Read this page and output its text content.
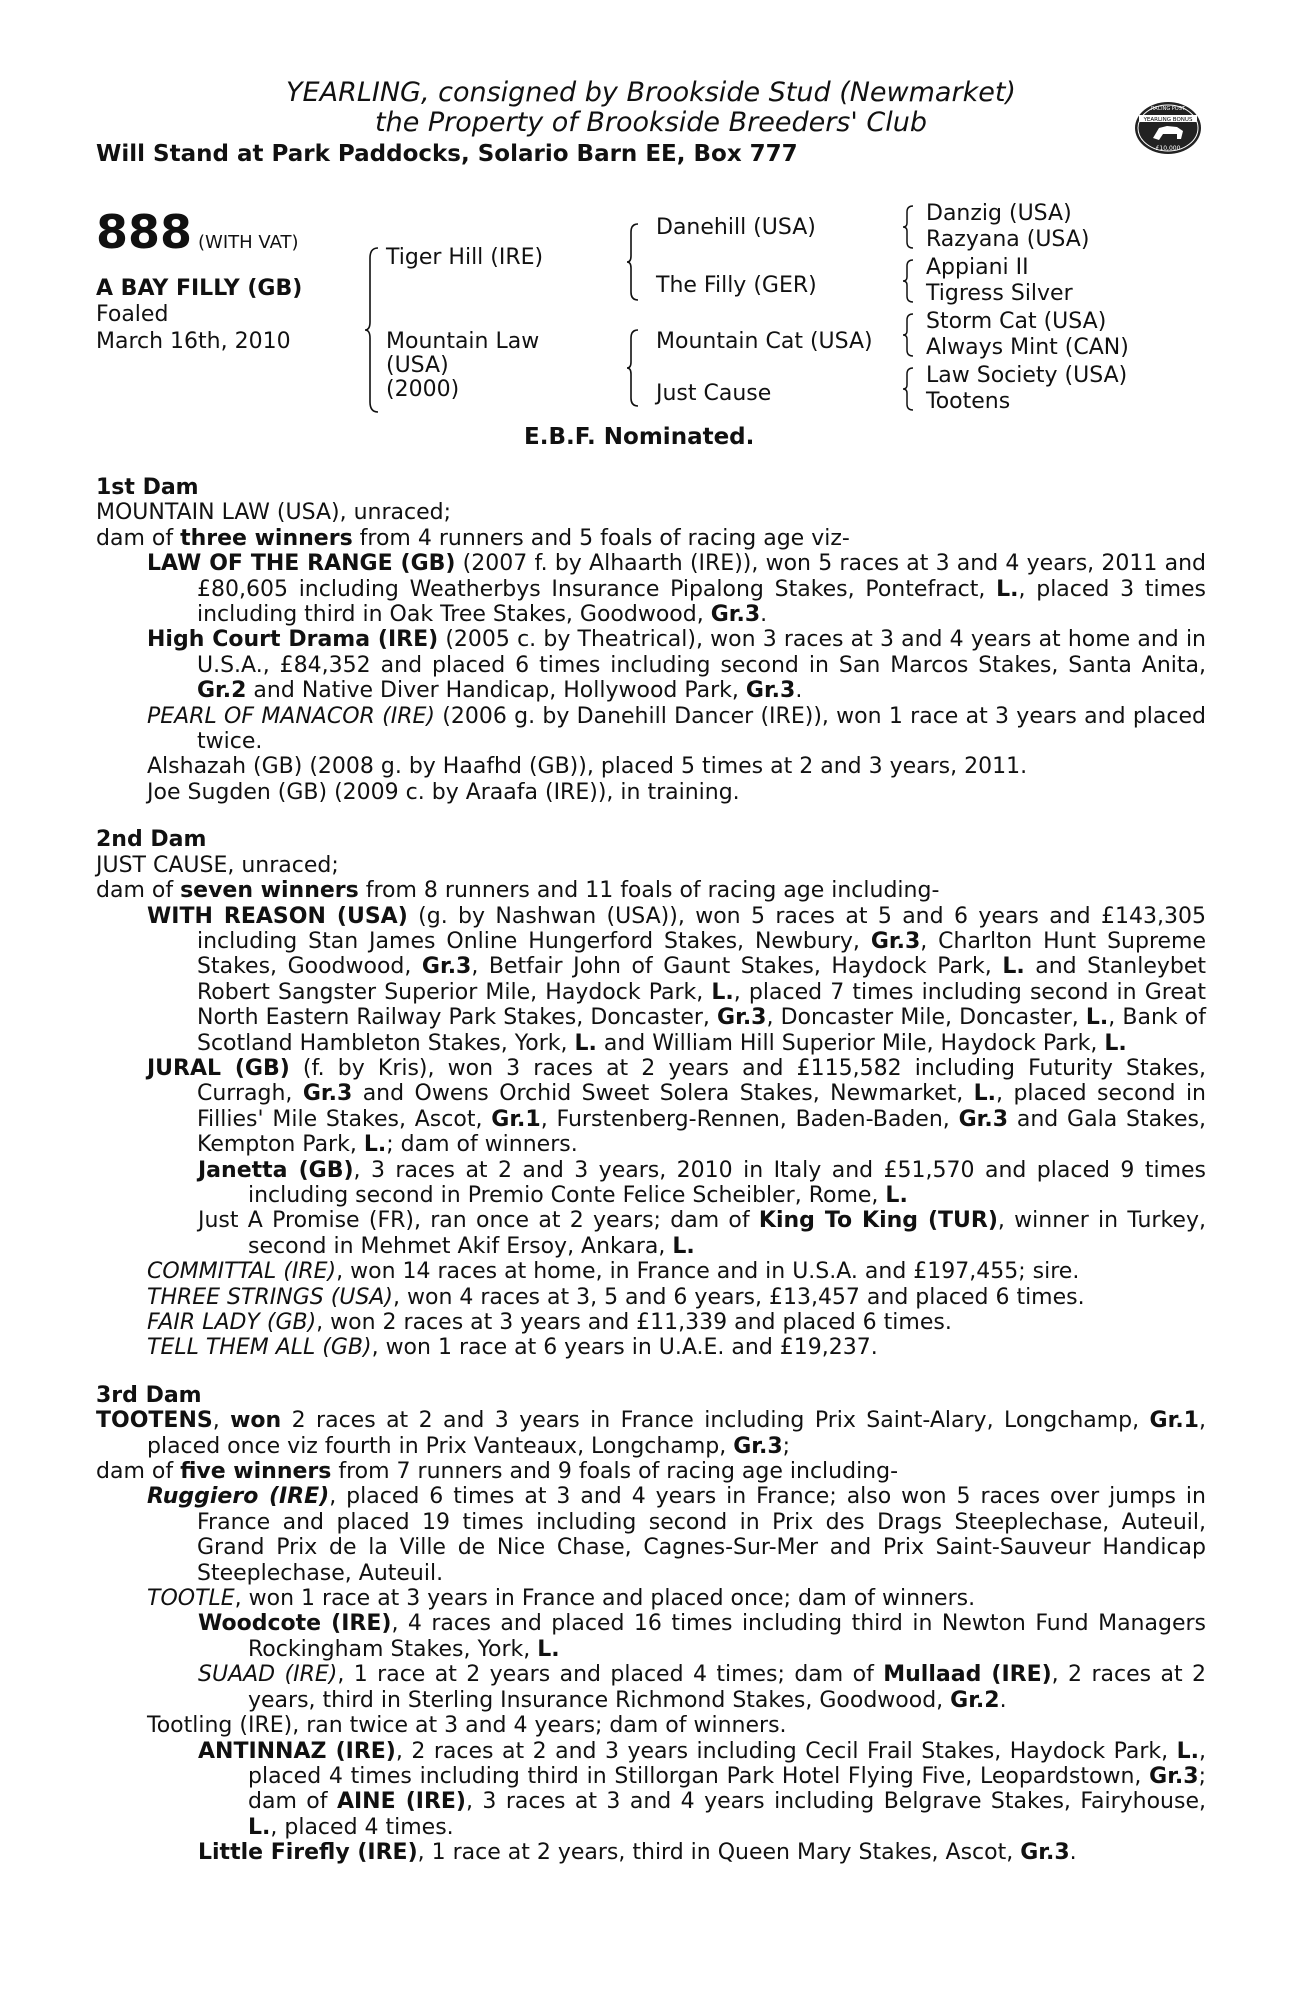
YEARLING, consigned by Brookside Stud (Newmarket)
the Property of Brookside Breeders' Club
Will Stand at Park Paddocks, Solario Barn EE, Box 777
RACING POST
YEARLING BONUS
£10,000
888 (WITH VAT)
A BAY FILLY (GB)
Foaled
March 16th, 2010
Tiger Hill (IRE)
Mountain Law
(USA)
(2000)
Danehill (USA)
The Filly (GER)
Mountain Cat (USA)
Just Cause
Danzig (USA)
Razyana (USA)
Appiani II
Tigress Silver
Storm Cat (USA)
Always Mint (CAN)
Law Society (USA)
Tootens
E.B.F. Nominated.
1st Dam
MOUNTAIN LAW (USA), unraced;
dam of three winners from 4 runners and 5 foals of racing age viz-
LAW OF THE RANGE (GB) (2007 f. by Alhaarth (IRE)), won 5 races at 3 and 4 years, 2011 and £80,605 including Weatherbys Insurance Pipalong Stakes, Pontefract, L., placed 3 times including third in Oak Tree Stakes, Goodwood, Gr.3.
High Court Drama (IRE) (2005 c. by Theatrical), won 3 races at 3 and 4 years at home and in U.S.A., £84,352 and placed 6 times including second in San Marcos Stakes, Santa Anita, Gr.2 and Native Diver Handicap, Hollywood Park, Gr.3.
PEARL OF MANACOR (IRE) (2006 g. by Danehill Dancer (IRE)), won 1 race at 3 years and placed twice.
Alshazah (GB) (2008 g. by Haafhd (GB)), placed 5 times at 2 and 3 years, 2011.
Joe Sugden (GB) (2009 c. by Araafa (IRE)), in training.
2nd Dam
JUST CAUSE, unraced;
dam of seven winners from 8 runners and 11 foals of racing age including-
WITH REASON (USA) (g. by Nashwan (USA)), won 5 races at 5 and 6 years and £143,305 including Stan James Online Hungerford Stakes, Newbury, Gr.3, Charlton Hunt Supreme Stakes, Goodwood, Gr.3, Betfair John of Gaunt Stakes, Haydock Park, L. and Stanleybet Robert Sangster Superior Mile, Haydock Park, L., placed 7 times including second in Great North Eastern Railway Park Stakes, Doncaster, Gr.3, Doncaster Mile, Doncaster, L., Bank of Scotland Hambleton Stakes, York, L. and William Hill Superior Mile, Haydock Park, L.
JURAL (GB) (f. by Kris), won 3 races at 2 years and £115,582 including Futurity Stakes, Curragh, Gr.3 and Owens Orchid Sweet Solera Stakes, Newmarket, L., placed second in Fillies' Mile Stakes, Ascot, Gr.1, Furstenberg-Rennen, Baden-Baden, Gr.3 and Gala Stakes, Kempton Park, L.; dam of winners.
Janetta (GB), 3 races at 2 and 3 years, 2010 in Italy and £51,570 and placed 9 times including second in Premio Conte Felice Scheibler, Rome, L.
Just A Promise (FR), ran once at 2 years; dam of King To King (TUR), winner in Turkey, second in Mehmet Akif Ersoy, Ankara, L.
COMMITTAL (IRE), won 14 races at home, in France and in U.S.A. and £197,455; sire.
THREE STRINGS (USA), won 4 races at 3, 5 and 6 years, £13,457 and placed 6 times.
FAIR LADY (GB), won 2 races at 3 years and £11,339 and placed 6 times.
TELL THEM ALL (GB), won 1 race at 6 years in U.A.E. and £19,237.
3rd Dam
TOOTENS, won 2 races at 2 and 3 years in France including Prix Saint-Alary, Longchamp, Gr.1, placed once viz fourth in Prix Vanteaux, Longchamp, Gr.3;
dam of five winners from 7 runners and 9 foals of racing age including-
Ruggiero (IRE), placed 6 times at 3 and 4 years in France; also won 5 races over jumps in France and placed 19 times including second in Prix des Drags Steeplechase, Auteuil, Grand Prix de la Ville de Nice Chase, Cagnes-Sur-Mer and Prix Saint-Sauveur Handicap Steeplechase, Auteuil.
TOOTLE, won 1 race at 3 years in France and placed once; dam of winners.
Woodcote (IRE), 4 races and placed 16 times including third in Newton Fund Managers Rockingham Stakes, York, L.
SUAAD (IRE), 1 race at 2 years and placed 4 times; dam of Mullaad (IRE), 2 races at 2 years, third in Sterling Insurance Richmond Stakes, Goodwood, Gr.2.
Tootling (IRE), ran twice at 3 and 4 years; dam of winners.
ANTINNAZ (IRE), 2 races at 2 and 3 years including Cecil Frail Stakes, Haydock Park, L., placed 4 times including third in Stillorgan Park Hotel Flying Five, Leopardstown, Gr.3; dam of AINE (IRE), 3 races at 3 and 4 years including Belgrave Stakes, Fairyhouse, L., placed 4 times.
Little Firefly (IRE), 1 race at 2 years, third in Queen Mary Stakes, Ascot, Gr.3.
